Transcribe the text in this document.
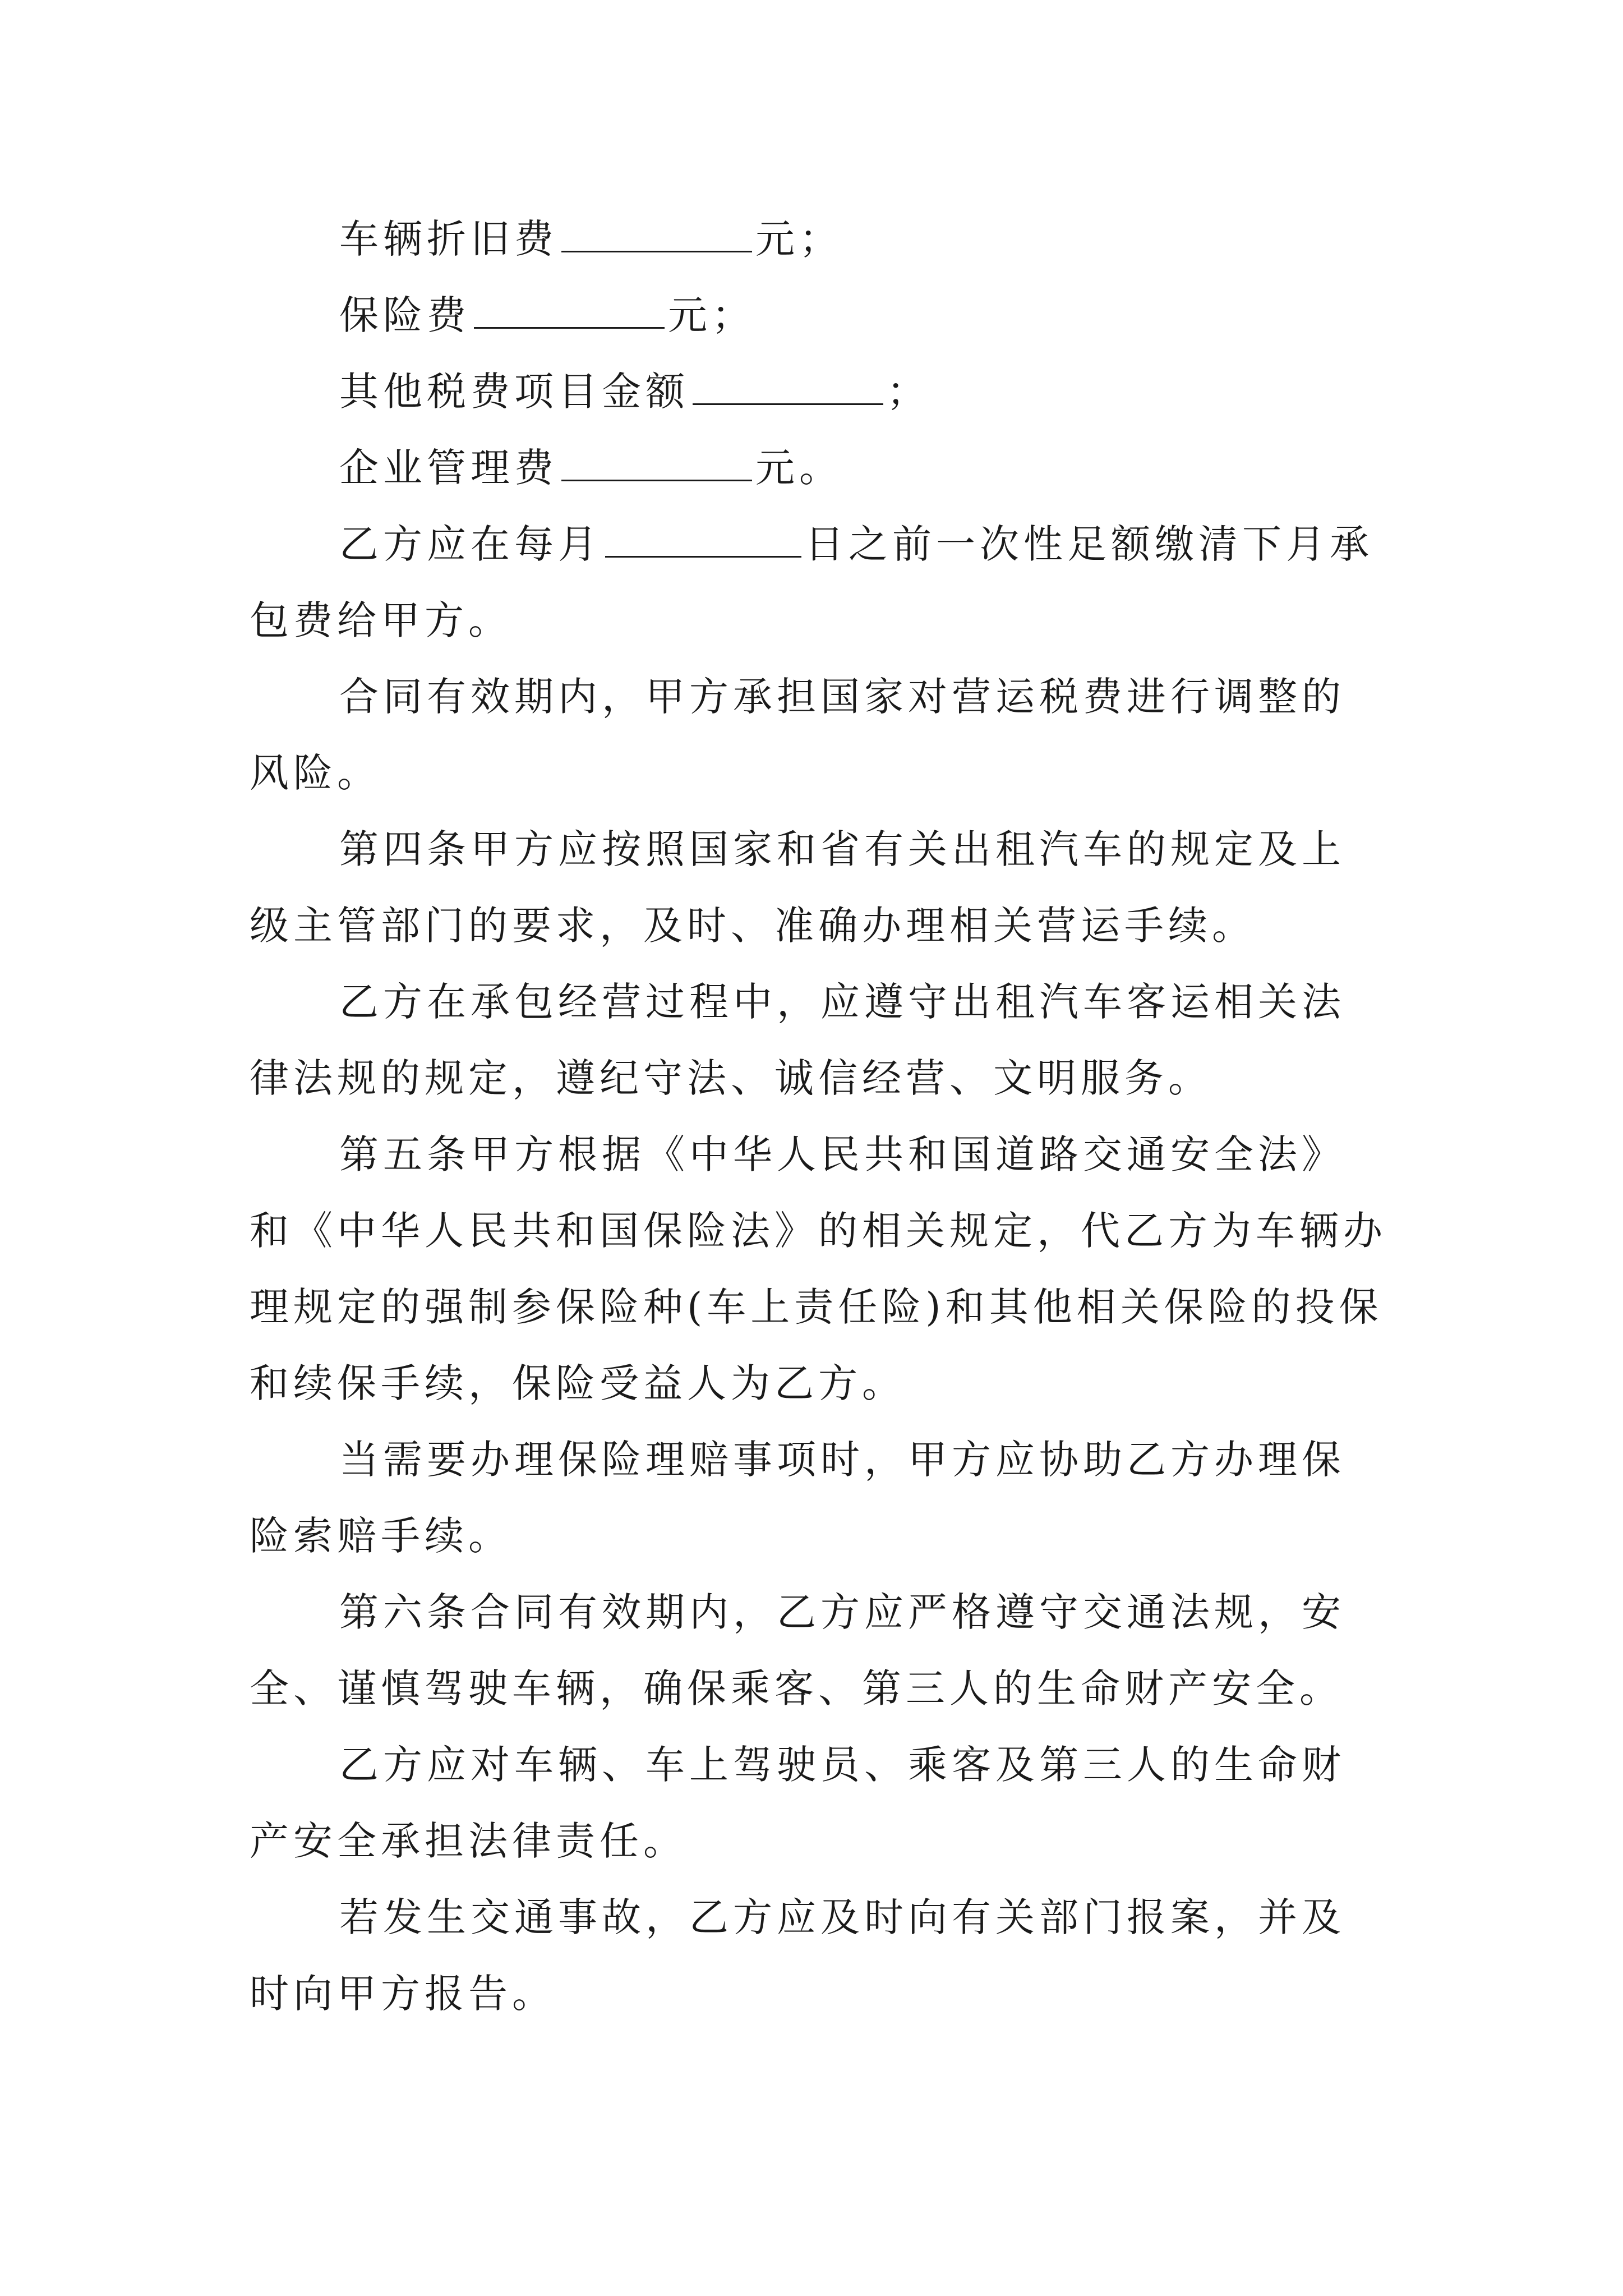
车辆折旧费	元；

保险费	元；

其他税费项目金额	；

企业管理费	元。

乙方应在每月	日之前一次性足额缴清下月承包费给甲方。

合同有效期内，甲方承担国家对营运税费进行调整的风险。

第四条甲方应按照国家和省有关出租汽车的规定及上级主管部门的要求，及时、准确办理相关营运手续。

乙方在承包经营过程中，应遵守出租汽车客运相关法律法规的规定，遵纪守法、诚信经营、文明服务。

第五条甲方根据《中华人民共和国道路交通安全法》和《中华人民共和国保险法》的相关规定，代乙方为车辆办理规定的强制参保险种(车上责任险)和其他相关保险的投保和续保手续，保险受益人为乙方。

当需要办理保险理赔事项时，甲方应协助乙方办理保险索赔手续。

第六条合同有效期内，乙方应严格遵守交通法规，安全、谨慎驾驶车辆，确保乘客、第三人的生命财产安全。

乙方应对车辆、车上驾驶员、乘客及第三人的生命财产安全承担法律责任。

若发生交通事故，乙方应及时向有关部门报案，并及时向甲方报告。
